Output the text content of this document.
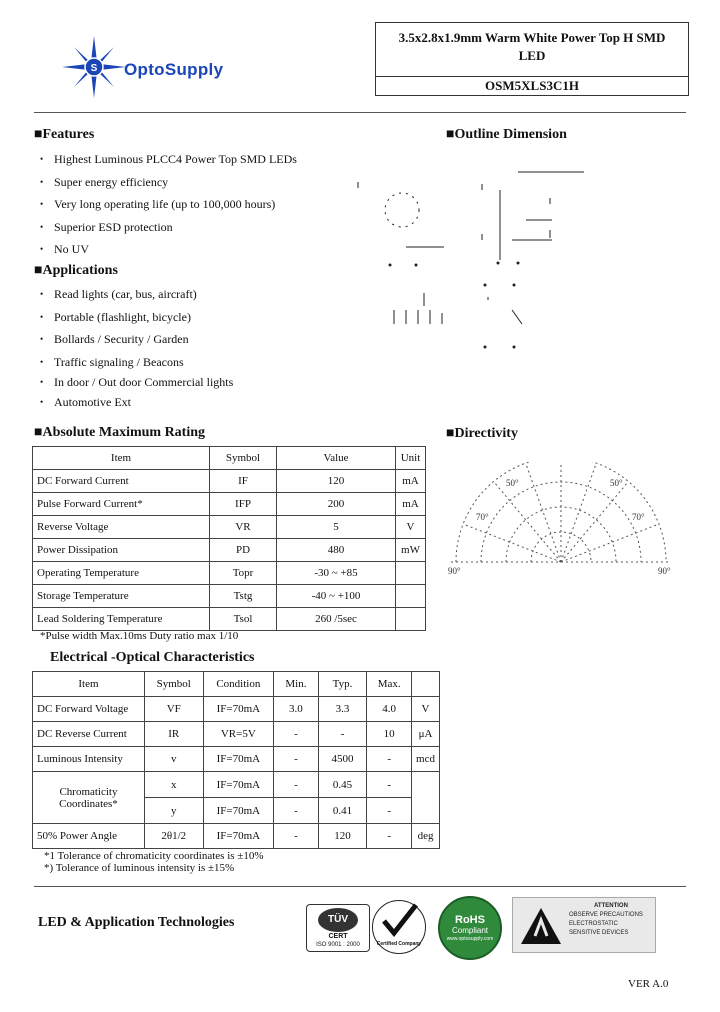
S OptoSupply
3.5x2.8x1.9mm Warm White Power Top H SMD
LED
OSM5XLS3C1H
■Features
• Highest Luminous PLCC4 Power Top SMD LEDs
• Super energy efficiency
• Very long operating life (up to 100,000 hours)
• Superior ESD protection
• No UV
■Applications
• Read lights (car, bus, aircraft)
• Portable (flashlight, bicycle)
• Bollards / Security / Garden
• Traffic signaling / Beacons
• In door / Out door Commercial lights
• Automotive Ext
■Outline Dimension
■Absolute Maximum Rating
Item	Symbol	Value	Unit
DC Forward Current	IF	120	mA
Pulse Forward Current*	IFP	200	mA
Reverse Voltage	VR	5	V
Power Dissipation	PD	480	mW
Operating Temperature	Topr	-30 ~ +85	
Storage Temperature	Tstg	-40 ~ +100	
Lead Soldering Temperature	Tsol	260 /5sec	
*Pulse width Max.10ms Duty ratio max 1/10
■Directivity
50°	50°
70°	70°
90°	90°
Electrical -Optical Characteristics
Item	Symbol	Condition	Min.	Typ.	Max.	
DC Forward Voltage	VF	IF=70mA	3.0	3.3	4.0	V
DC Reverse Current	IR	VR=5V	-	-	10	μA
Luminous Intensity	v	IF=70mA	-	4500	-	mcd

Chromaticity
Coordinates*	x	IF=70mA	-	0.45	-	
	y	IF=70mA	-	0.41	-	
50% Power Angle	2θ1/2	IF=70mA	-	120	-	deg
*1 Tolerance of chromaticity coordinates is ±10%
*) Tolerance of luminous intensity is ±15%
LED & Application Technologies	TÜV
CERT
ISO 9001 : 2000	Certified Company
RoHS
Compliant
www.optosupply.com
ATTENTION
OBSERVE PRECAUTIONS
ELECTROSTATIC
SENSITIVE DEVICES
VER A.0
